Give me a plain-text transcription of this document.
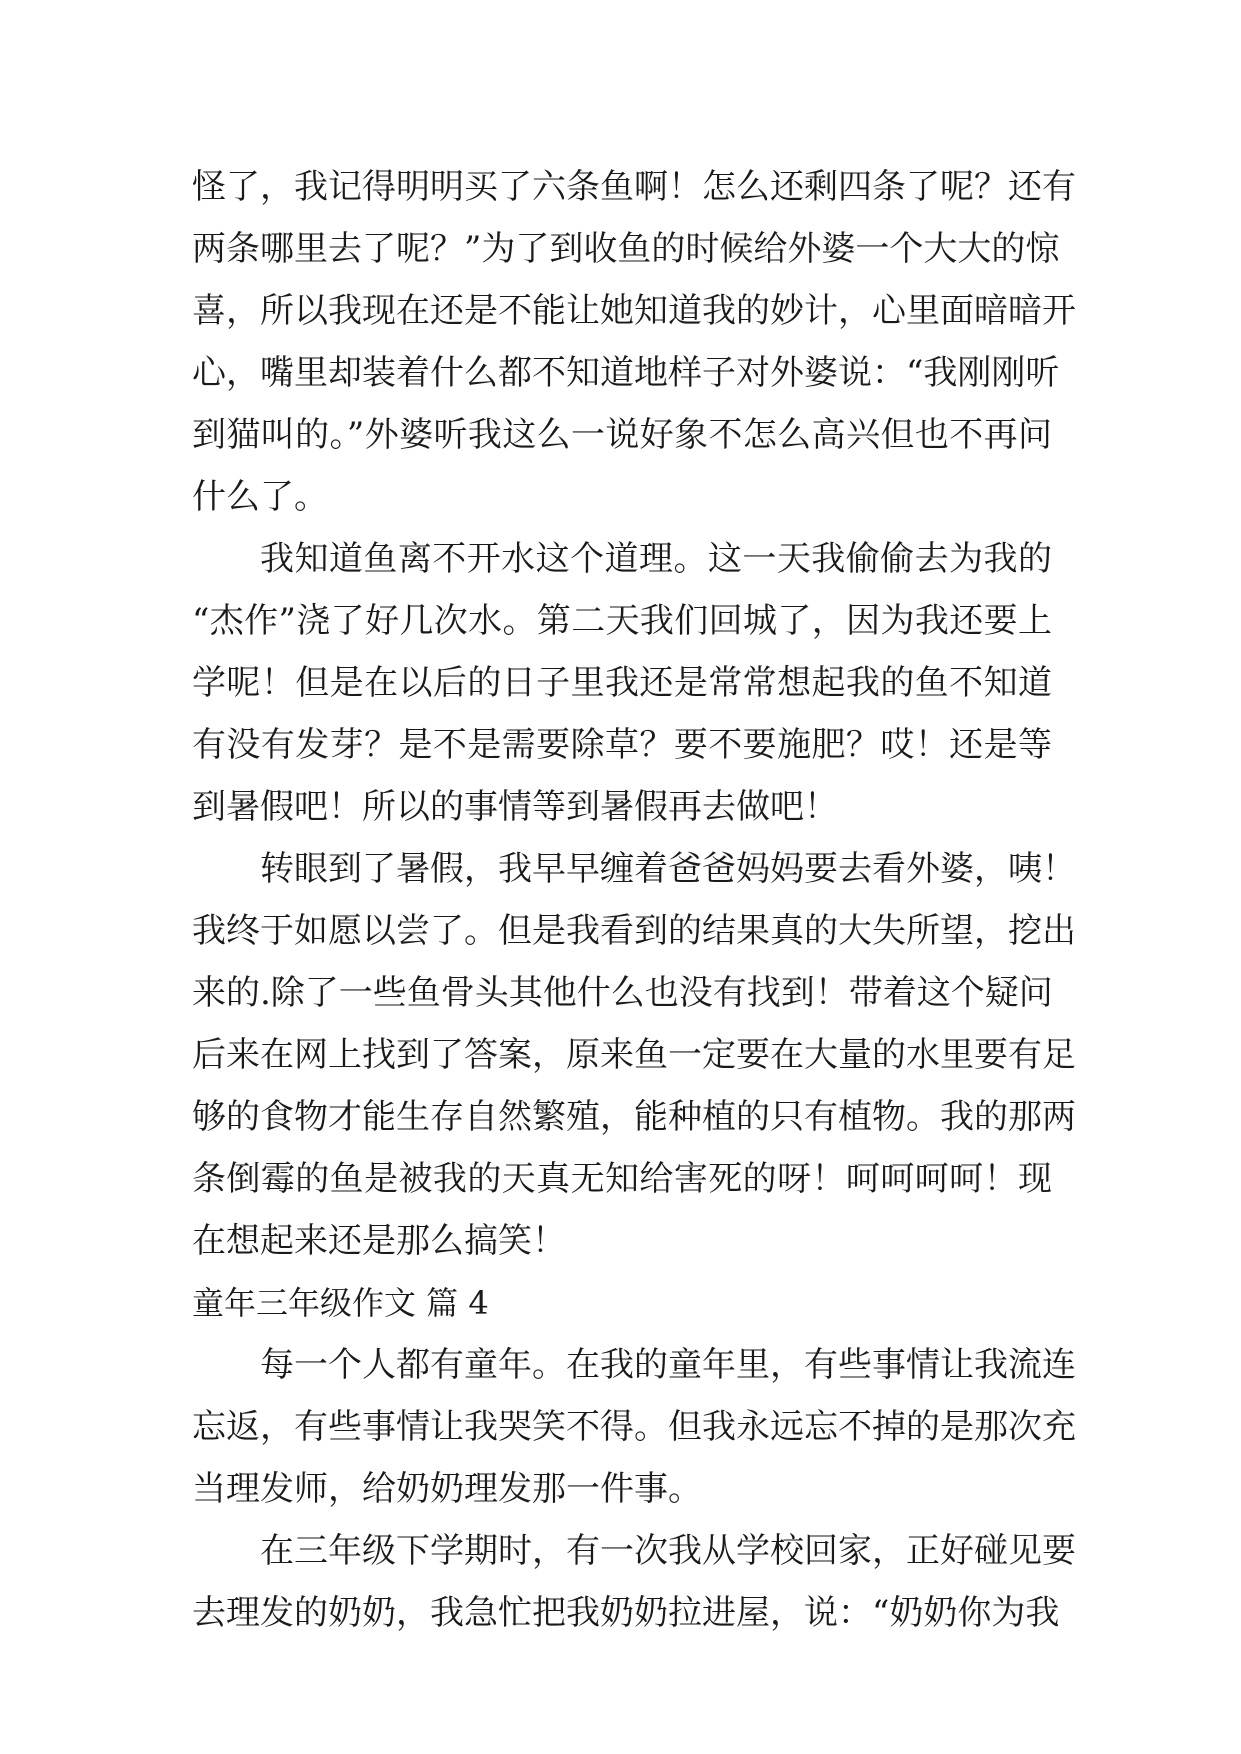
怪了，我记得明明买了六条鱼啊！怎么还剩四条了呢？还有
两条哪里去了呢？”为了到收鱼的时候给外婆一个大大的惊
喜，所以我现在还是不能让她知道我的妙计，心里面暗暗开
心，嘴里却装着什么都不知道地样子对外婆说：“我刚刚听
到猫叫的。”外婆听我这么一说好象不怎么高兴但也不再问
什么了。
我知道鱼离不开水这个道理。这一天我偷偷去为我的
“杰作”浇了好几次水。第二天我们回城了，因为我还要上
学呢！但是在以后的日子里我还是常常想起我的鱼不知道
有没有发芽？是不是需要除草？要不要施肥？哎！还是等
到暑假吧！所以的事情等到暑假再去做吧！
转眼到了暑假，我早早缠着爸爸妈妈要去看外婆，咦！
我终于如愿以尝了。但是我看到的结果真的大失所望，挖出
来的.除了一些鱼骨头其他什么也没有找到！带着这个疑问
后来在网上找到了答案，原来鱼一定要在大量的水里要有足
够的食物才能生存自然繁殖，能种植的只有植物。我的那两
条倒霉的鱼是被我的天真无知给害死的呀！呵呵呵呵！现
在想起来还是那么搞笑！
童年三年级作文 篇 4
每一个人都有童年。在我的童年里，有些事情让我流连
忘返，有些事情让我哭笑不得。但我永远忘不掉的是那次充
当理发师，给奶奶理发那一件事。
在三年级下学期时，有一次我从学校回家，正好碰见要
去理发的奶奶，我急忙把我奶奶拉进屋，说：“奶奶你为我
